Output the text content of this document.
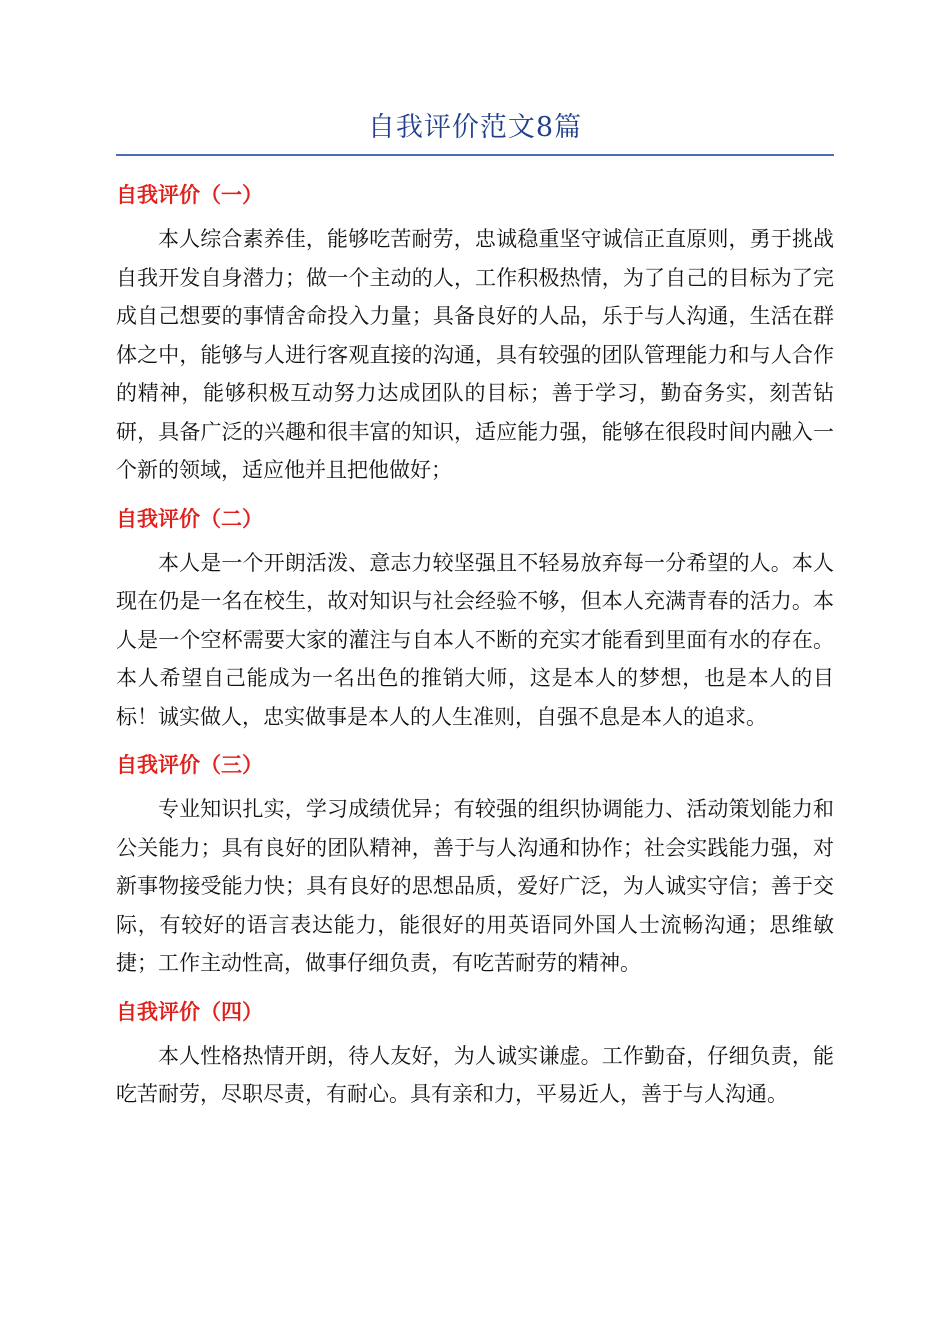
自我评价范文8篇
自我评价（一）

本人综合素养佳，能够吃苦耐劳，忠诚稳重坚守诚信正直原则，勇于挑战自我开发自身潜力；做一个主动的人，工作积极热情，为了自己的目标为了完成自己想要的事情舍命投入力量；具备良好的人品，乐于与人沟通，生活在群体之中，能够与人进行客观直接的沟通，具有较强的团队管理能力和与人合作的精神，能够积极互动努力达成团队的目标；善于学习，勤奋务实，刻苦钻研，具备广泛的兴趣和很丰富的知识，适应能力强，能够在很段时间内融入一个新的领域，适应他并且把他做好；

自我评价（二）

本人是一个开朗活泼、意志力较坚强且不轻易放弃每一分希望的人。本人现在仍是一名在校生，故对知识与社会经验不够，但本人充满青春的活力。本人是一个空杯需要大家的灌注与自本人不断的充实才能看到里面有水的存在。本人希望自己能成为一名出色的推销大师，这是本人的梦想，也是本人的目标！诚实做人，忠实做事是本人的人生准则，自强不息是本人的追求。

自我评价（三）

专业知识扎实，学习成绩优异；有较强的组织协调能力、活动策划能力和公关能力；具有良好的团队精神，善于与人沟通和协作；社会实践能力强，对新事物接受能力快；具有良好的思想品质，爱好广泛，为人诚实守信；善于交际，有较好的语言表达能力，能很好的用英语同外国人士流畅沟通；思维敏捷；工作主动性高，做事仔细负责，有吃苦耐劳的精神。

自我评价（四）

本人性格热情开朗，待人友好，为人诚实谦虚。工作勤奋，仔细负责，能吃苦耐劳，尽职尽责，有耐心。具有亲和力，平易近人，善于与人沟通。
